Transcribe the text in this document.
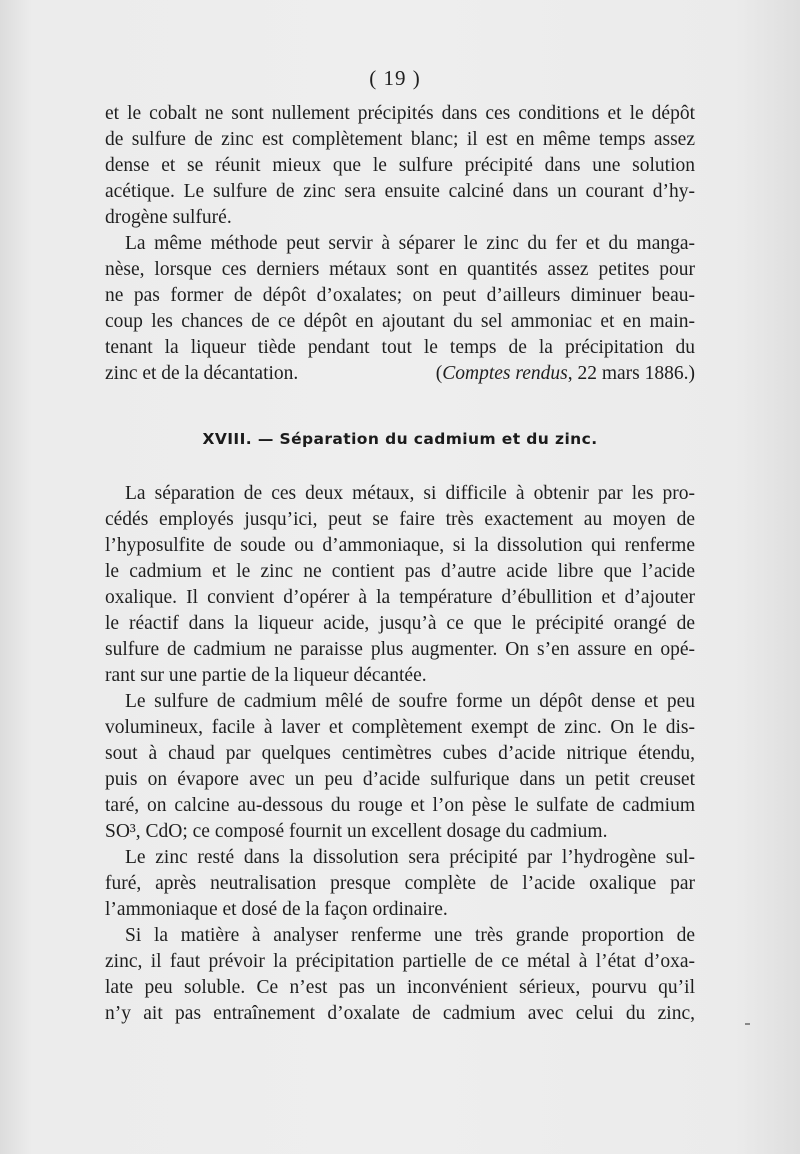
( 19 )
et le cobalt ne sont nullement précipités dans ces conditions et le dépôt
de sulfure de zinc est complètement blanc; il est en même temps assez
dense et se réunit mieux que le sulfure précipité dans une solution
acétique. Le sulfure de zinc sera ensuite calciné dans un courant d’hy-
drogène sulfuré.
La même méthode peut servir à séparer le zinc du fer et du manga-
nèse, lorsque ces derniers métaux sont en quantités assez petites pour
ne pas former de dépôt d’oxalates; on peut d’ailleurs diminuer beau-
coup les chances de ce dépôt en ajoutant du sel ammoniac et en main-
tenant la liqueur tiède pendant tout le temps de la précipitation du
zinc et de la décantation.	(Comptes rendus, 22 mars 1886.)
XVIII. — Séparation du cadmium et du zinc.
La séparation de ces deux métaux, si difficile à obtenir par les pro-
cédés employés jusqu’ici, peut se faire très exactement au moyen de
l’hyposulfite de soude ou d’ammoniaque, si la dissolution qui renferme
le cadmium et le zinc ne contient pas d’autre acide libre que l’acide
oxalique. Il convient d’opérer à la température d’ébullition et d’ajouter
le réactif dans la liqueur acide, jusqu’à ce que le précipité orangé de
sulfure de cadmium ne paraisse plus augmenter. On s’en assure en opé-
rant sur une partie de la liqueur décantée.
Le sulfure de cadmium mêlé de soufre forme un dépôt dense et peu
volumineux, facile à laver et complètement exempt de zinc. On le dis-
sout à chaud par quelques centimètres cubes d’acide nitrique étendu,
puis on évapore avec un peu d’acide sulfurique dans un petit creuset
taré, on calcine au-dessous du rouge et l’on pèse le sulfate de cadmium
SO³, CdO; ce composé fournit un excellent dosage du cadmium.
Le zinc resté dans la dissolution sera précipité par l’hydrogène sul-
furé, après neutralisation presque complète de l’acide oxalique par
l’ammoniaque et dosé de la façon ordinaire.
Si la matière à analyser renferme une très grande proportion de
zinc, il faut prévoir la précipitation partielle de ce métal à l’état d’oxa-
late peu soluble. Ce n’est pas un inconvénient sérieux, pourvu qu’il
n’y ait pas entraînement d’oxalate de cadmium avec celui du zinc,
